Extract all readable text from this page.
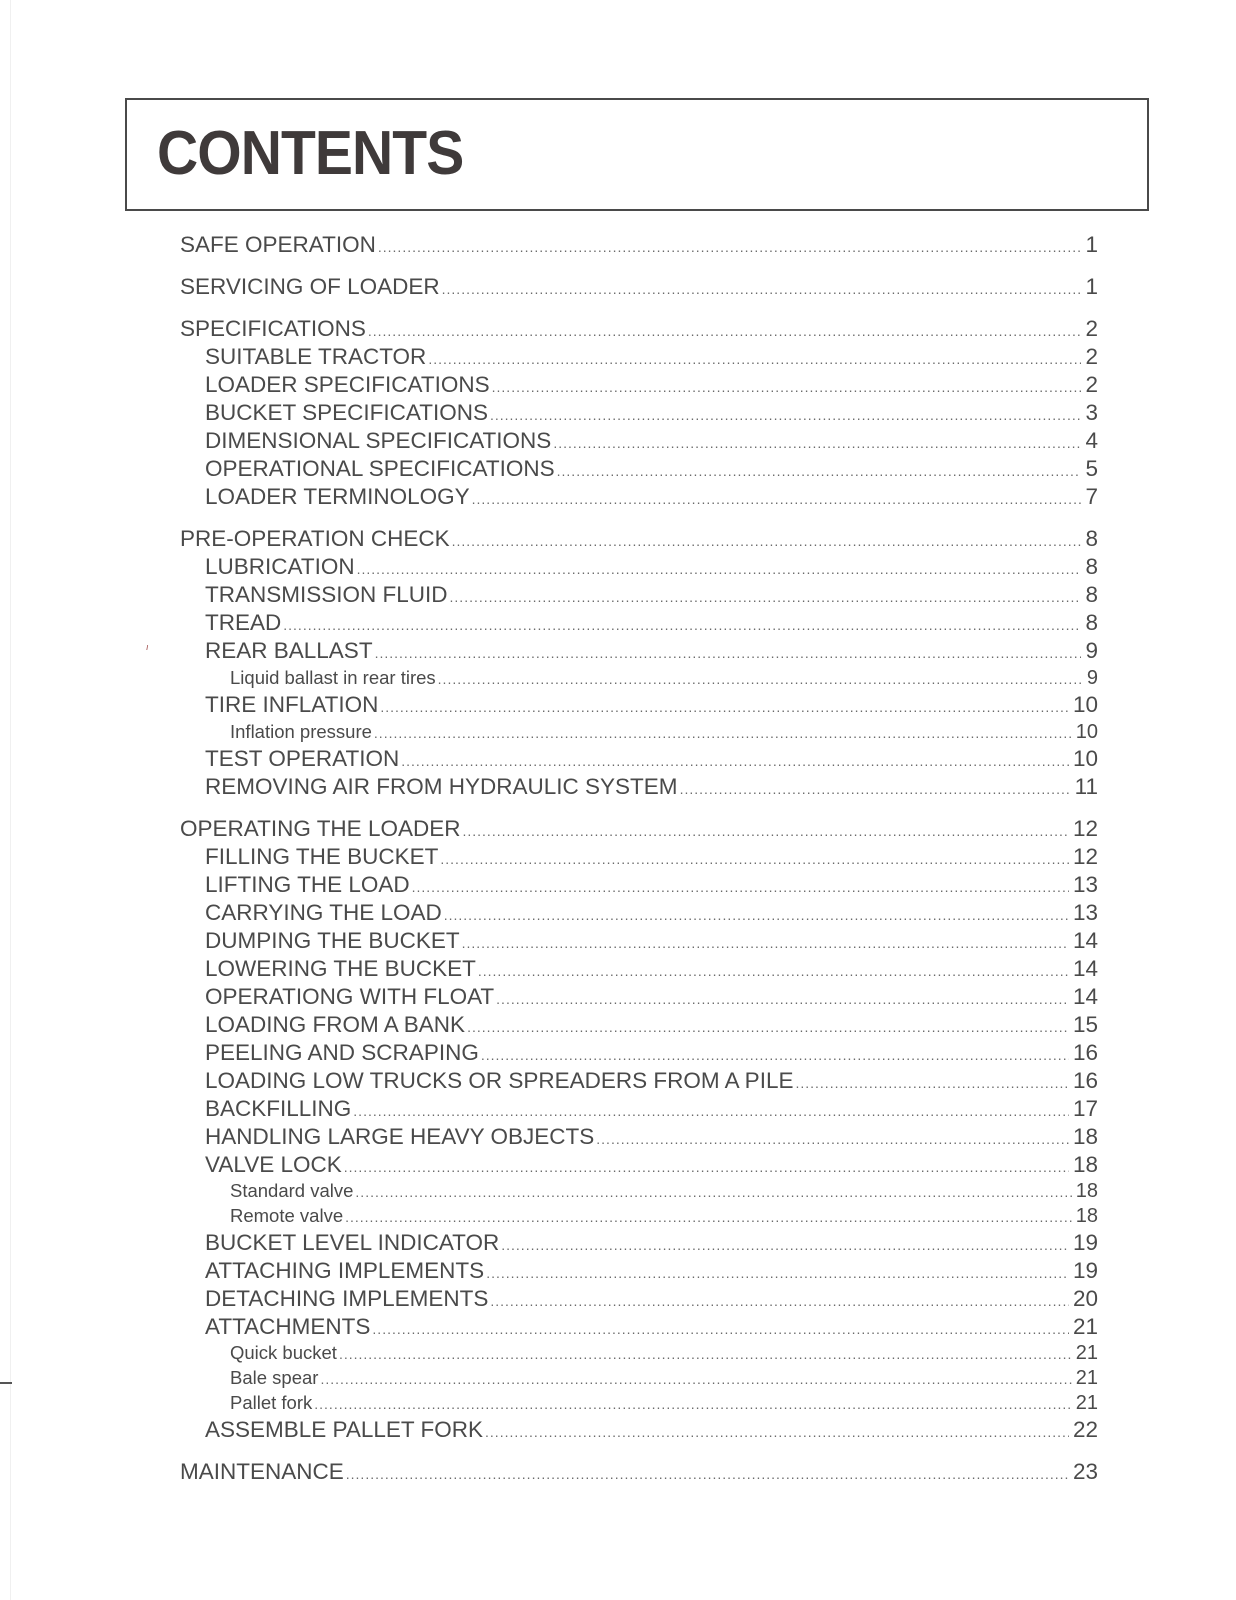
ı
CONTENTS
SAFE OPERATION .....	1
SERVICING OF LOADER .....	1
SPECIFICATIONS .....	2
SUITABLE TRACTOR .....	2
LOADER SPECIFICATIONS .....	2
BUCKET SPECIFICATIONS .....	3
DIMENSIONAL SPECIFICATIONS .....	4
OPERATIONAL SPECIFICATIONS .....	5
LOADER TERMINOLOGY .....	7
PRE-OPERATION CHECK .....	8
LUBRICATION .....	8
TRANSMISSION FLUID .....	8
TREAD .....	8
REAR BALLAST .....	9
Liquid ballast in rear tires .....	9
TIRE INFLATION .....	10
Inflation pressure .....	10
TEST OPERATION .....	10
REMOVING AIR FROM HYDRAULIC SYSTEM .....	11
OPERATING THE LOADER .....	12
FILLING THE BUCKET .....	12
LIFTING THE LOAD .....	13
CARRYING THE LOAD .....	13
DUMPING THE BUCKET .....	14
LOWERING THE BUCKET .....	14
OPERATIONG WITH FLOAT .....	14
LOADING FROM A BANK .....	15
PEELING AND SCRAPING .....	16
LOADING LOW TRUCKS OR SPREADERS FROM A PILE .....	16
BACKFILLING .....	17
HANDLING LARGE HEAVY OBJECTS .....	18
VALVE LOCK .....	18
Standard valve .....	18
Remote valve .....	18
BUCKET LEVEL INDICATOR .....	19
ATTACHING IMPLEMENTS .....	19
DETACHING IMPLEMENTS .....	20
ATTACHMENTS .....	21
Quick bucket .....	21
Bale spear .....	21
Pallet fork .....	21
ASSEMBLE PALLET FORK .....	22
MAINTENANCE .....	23
